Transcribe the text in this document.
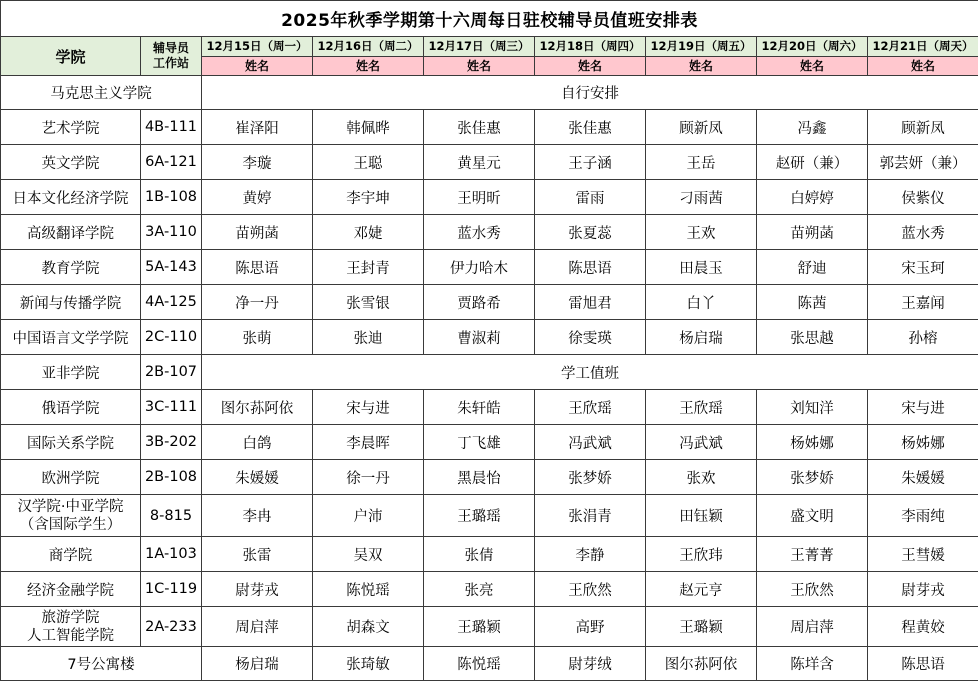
2025年秋季学期第十六周每日驻校辅导员值班安排表								
学院	辅导员
工作站	12月15日（周一）	12月16日（周二）	12月17日（周三）	12月18日（周四）	12月19日（周五）	12月20日（周六）	12月21日（周天）
		姓名	姓名	姓名	姓名	姓名	姓名	姓名
马克思主义学院		自行安排						
艺术学院	4B-111	崔泽阳	韩佩晔	张佳惠	张佳惠	顾新凤	冯鑫	顾新凤
英文学院	6A-121	李璇	王聪	黄星元	王子涵	王岳	赵研（兼）	郭芸妍（兼）
日本文化经济学院	1B-108	黄婷	李宇坤	王明昕	雷雨	刁雨茜	白婷婷	侯紫仪
高级翻译学院	3A-110	苗朔菡	邓婕	蓝水秀	张夏蕊	王欢	苗朔菡	蓝水秀
教育学院	5A-143	陈思语	王封青	伊力哈木	陈思语	田晨玉	舒迪	宋玉珂
新闻与传播学院	4A-125	净一丹	张雪银	贾路希	雷旭君	白丫	陈茜	王嘉闻
中国语言文学学院	2C-110	张萌	张迪	曹淑莉	徐雯瑛	杨启瑞	张思越	孙榕
亚非学院	2B-107	学工值班						
俄语学院	3C-111	图尔荪阿依	宋与进	朱轩皓	王欣瑶	王欣瑶	刘知洋	宋与进
国际关系学院	3B-202	白鸽	李晨晖	丁飞雄	冯武斌	冯武斌	杨姊娜	杨姊娜
欧洲学院	2B-108	朱媛媛	徐一丹	黑晨怡	张梦娇	张欢	张梦娇	朱媛媛
汉学院·中亚学院
（含国际学生）	8-815	李冉	户沛	王璐瑶	张涓青	田钰颖	盛文明	李雨纯
商学院	1A-103	张雷	吴双	张倩	李静	王欣玮	王菁菁	王彗媛
经济金融学院	1C-119	尉芽戎	陈悦瑶	张亮	王欣然	赵元亨	王欣然	尉芽戎
旅游学院
人工智能学院	2A-233	周启萍	胡森文	王璐颖	高野	王璐颖	周启萍	程黄姣
7号公寓楼		杨启瑞	张琦敏	陈悦瑶	尉芽绒	图尔荪阿依	陈垟含	陈思语
